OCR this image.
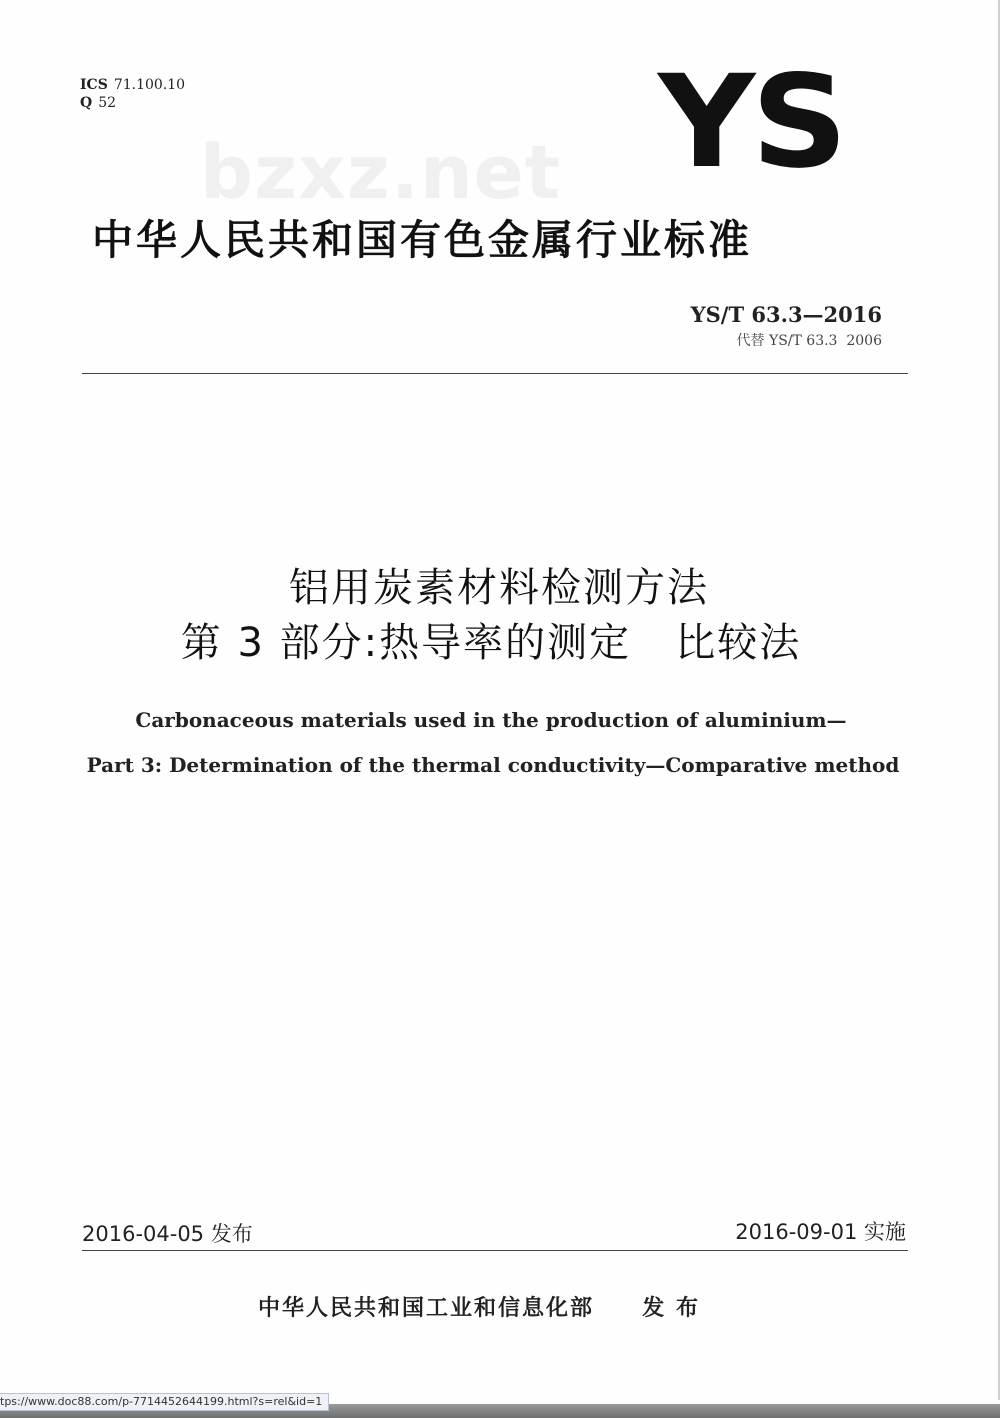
ICS 71.100.10
Q 52
bzxz.net YS
中华人民共和国有色金属行业标准
YS/T 63.3—2016
代替 YS/T 63.3  2006
铝用炭素材料检测方法
第 3 部分:热导率的测定   比较法
Carbonaceous materials used in the production of aluminium—
Part 3: Determination of the thermal conductivity—Comparative method
2016-04-05 发布	2016-09-01 实施
中华人民共和国工业和信息化部     发 布
tps://www.doc88.com/p-7714452644199.html?s=rel&id=1
